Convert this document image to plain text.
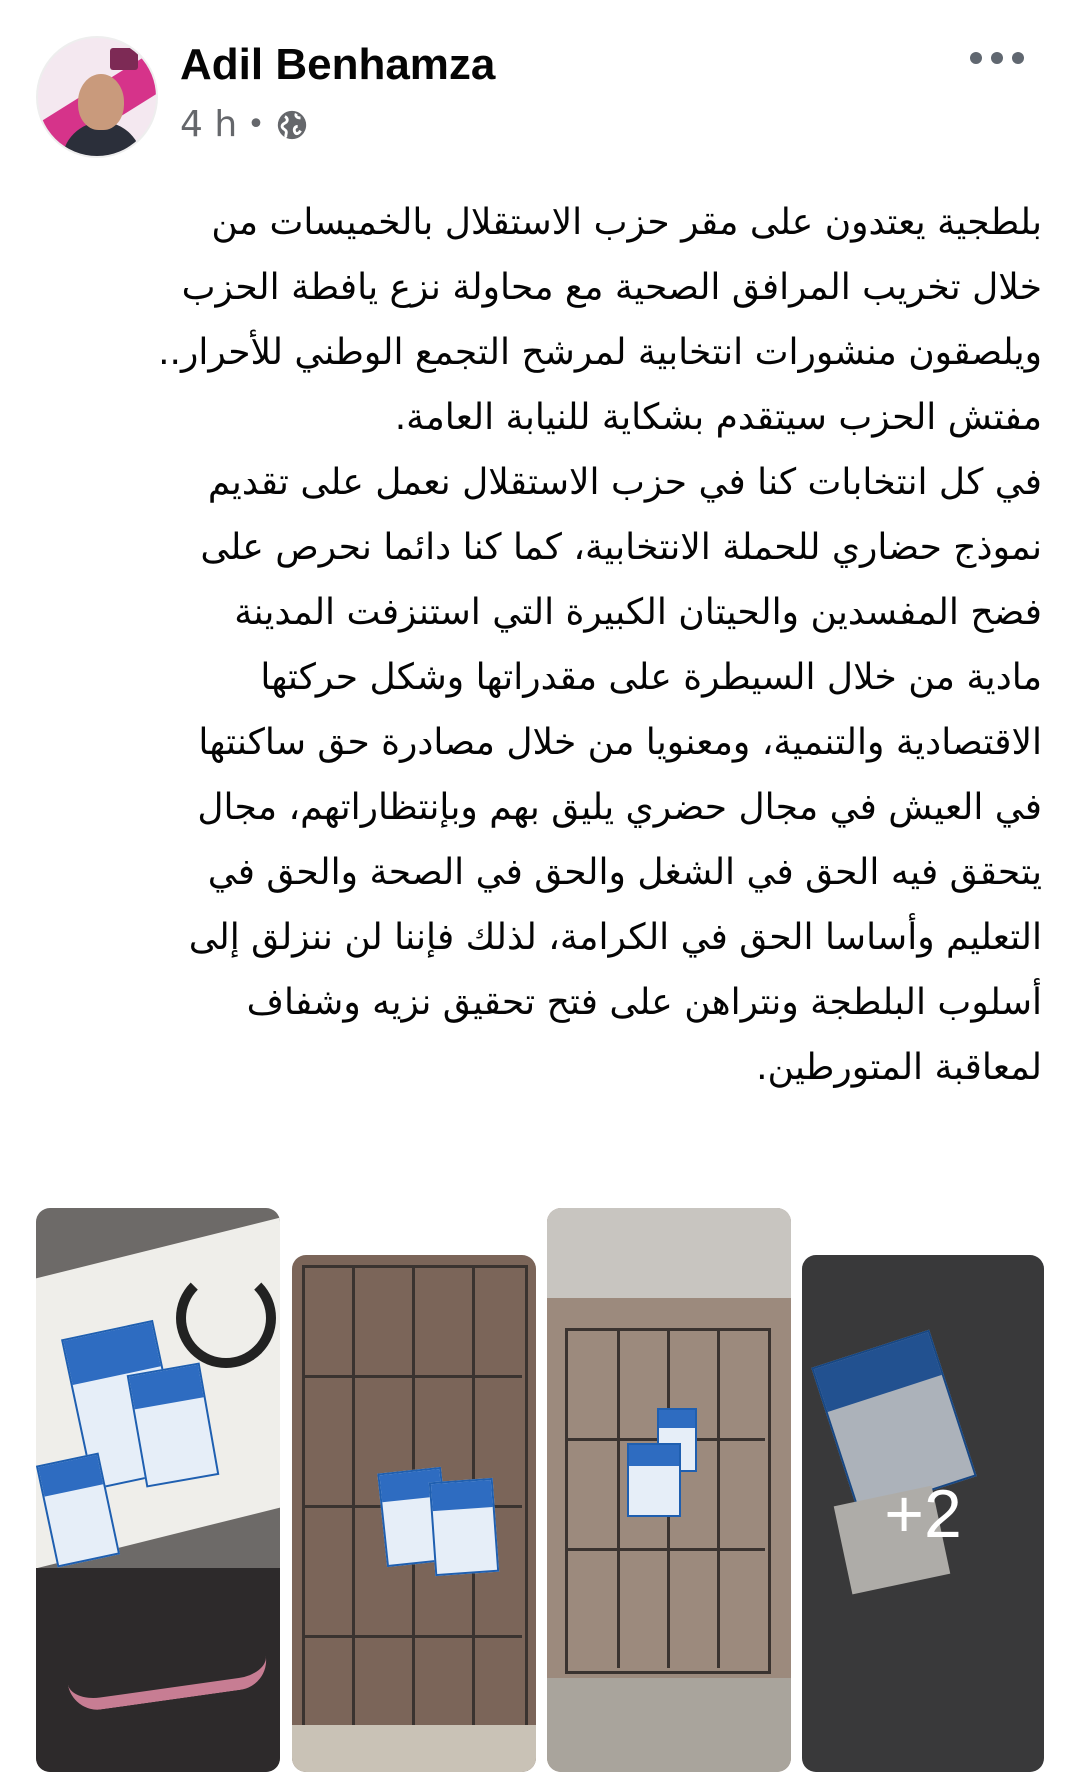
Adil Benhamza
4 h •

بلطجية يعتدون على مقر حزب الاستقلال بالخميسات من
خلال تخريب المرافق الصحية مع محاولة نزع يافطة الحزب
ويلصقون منشورات انتخابية لمرشح التجمع الوطني للأحرار..
مفتش الحزب سيتقدم بشكاية للنيابة العامة.
في كل انتخابات كنا في حزب الاستقلال نعمل على تقديم
نموذج حضاري للحملة الانتخابية، كما كنا دائما نحرص على
فضح المفسدين والحيتان الكبيرة التي استنزفت المدينة
مادية من خلال السيطرة على مقدراتها وشكل حركتها
الاقتصادية والتنمية، ومعنويا من خلال مصادرة حق ساكنتها
في العيش في مجال حضري يليق بهم وبإنتظاراتهم، مجال
يتحقق فيه الحق في الشغل والحق في الصحة والحق في
التعليم وأساسا الحق في الكرامة، لذلك فإننا لن ننزلق إلى
أسلوب البلطجة ونتراهن على فتح تحقيق نزيه وشفاف
لمعاقبة المتورطين.

+2
